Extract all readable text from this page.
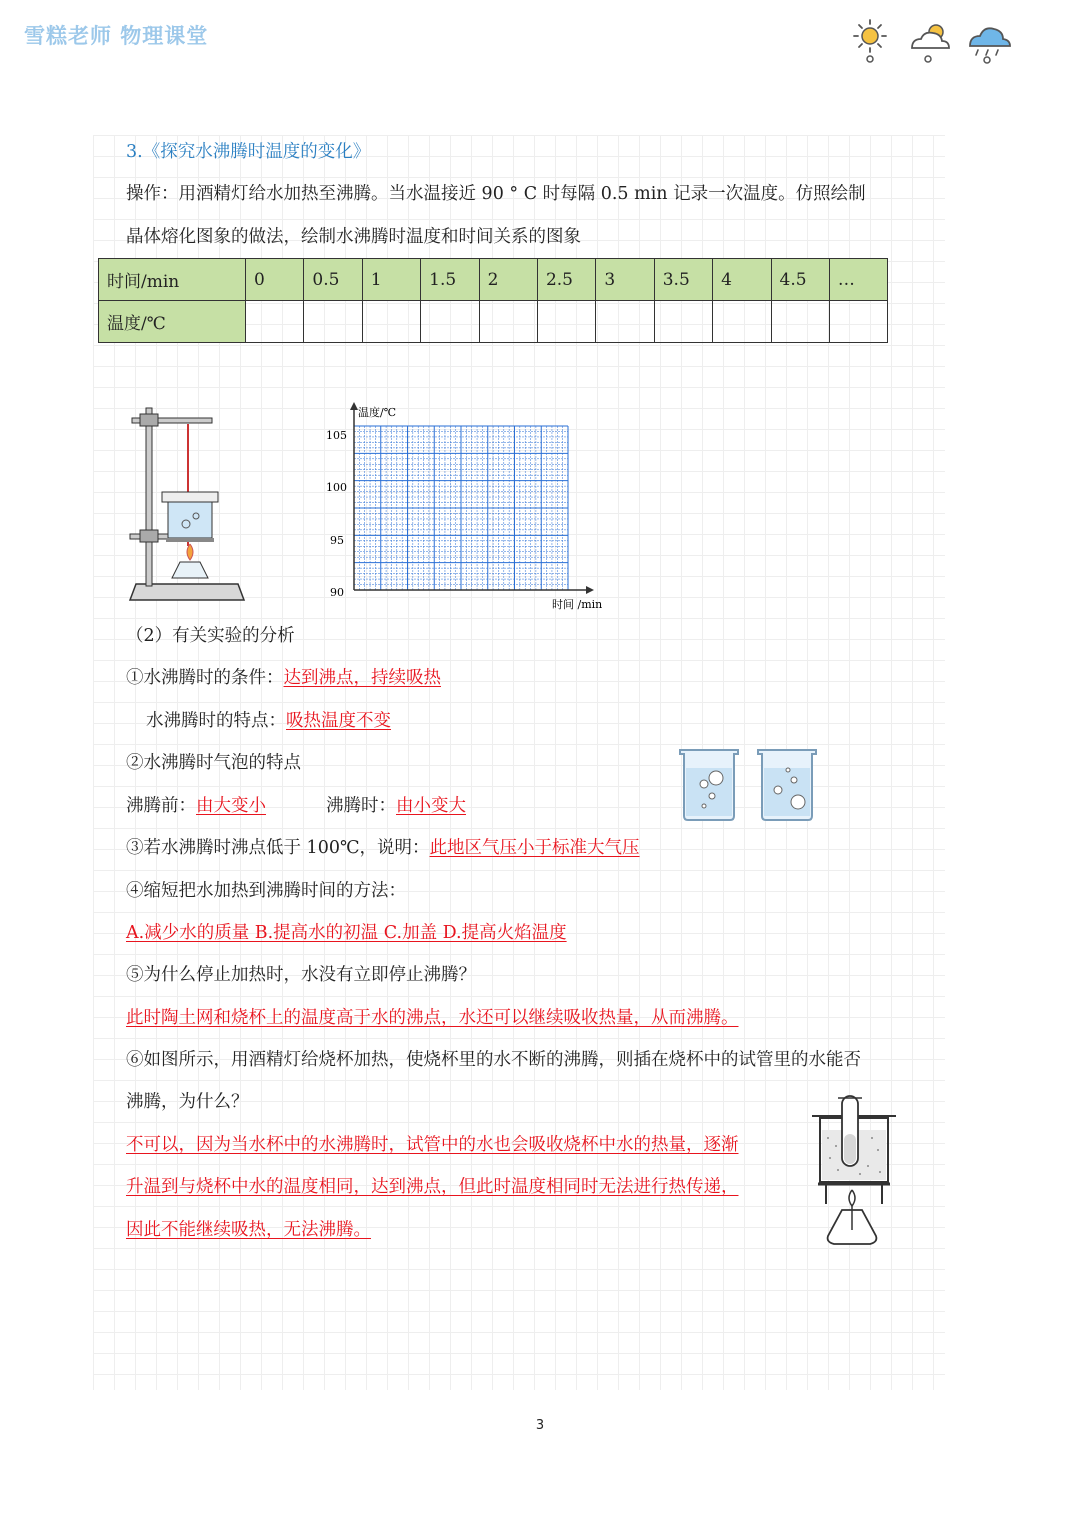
雪糕老师 物理课堂
3.《探究水沸腾时温度的变化》
操作：用酒精灯给水加热至沸腾。当水温接近 90 ° C 时每隔 0.5 min 记录一次温度。仿照绘制
晶体熔化图象的做法，绘制水沸腾时温度和时间关系的图象
时间/min	0	0.5	1	1.5	2	2.5	3	3.5	4	4.5	…
温度/℃											
温度/℃
时间 /min
105
100
95
90
（2）有关实验的分析
①水沸腾时的条件：达到沸点，持续吸热
水沸腾时的特点：吸热温度不变
②水沸腾时气泡的特点
沸腾前：由大变小	沸腾时：由小变大
③若水沸腾时沸点低于 100℃，说明：此地区气压小于标准大气压
④缩短把水加热到沸腾时间的方法：
A.减少水的质量 B.提高水的初温 C.加盖 D.提高火焰温度
⑤为什么停止加热时，水没有立即停止沸腾？
此时陶土网和烧杯上的温度高于水的沸点，水还可以继续吸收热量，从而沸腾。
⑥如图所示，用酒精灯给烧杯加热，使烧杯里的水不断的沸腾，则插在烧杯中的试管里的水能否
沸腾，为什么？
不可以，因为当水杯中的水沸腾时，试管中的水也会吸收烧杯中水的热量，逐渐
升温到与烧杯中水的温度相同，达到沸点，但此时温度相同时无法进行热传递，
因此不能继续吸热，无法沸腾。
3
